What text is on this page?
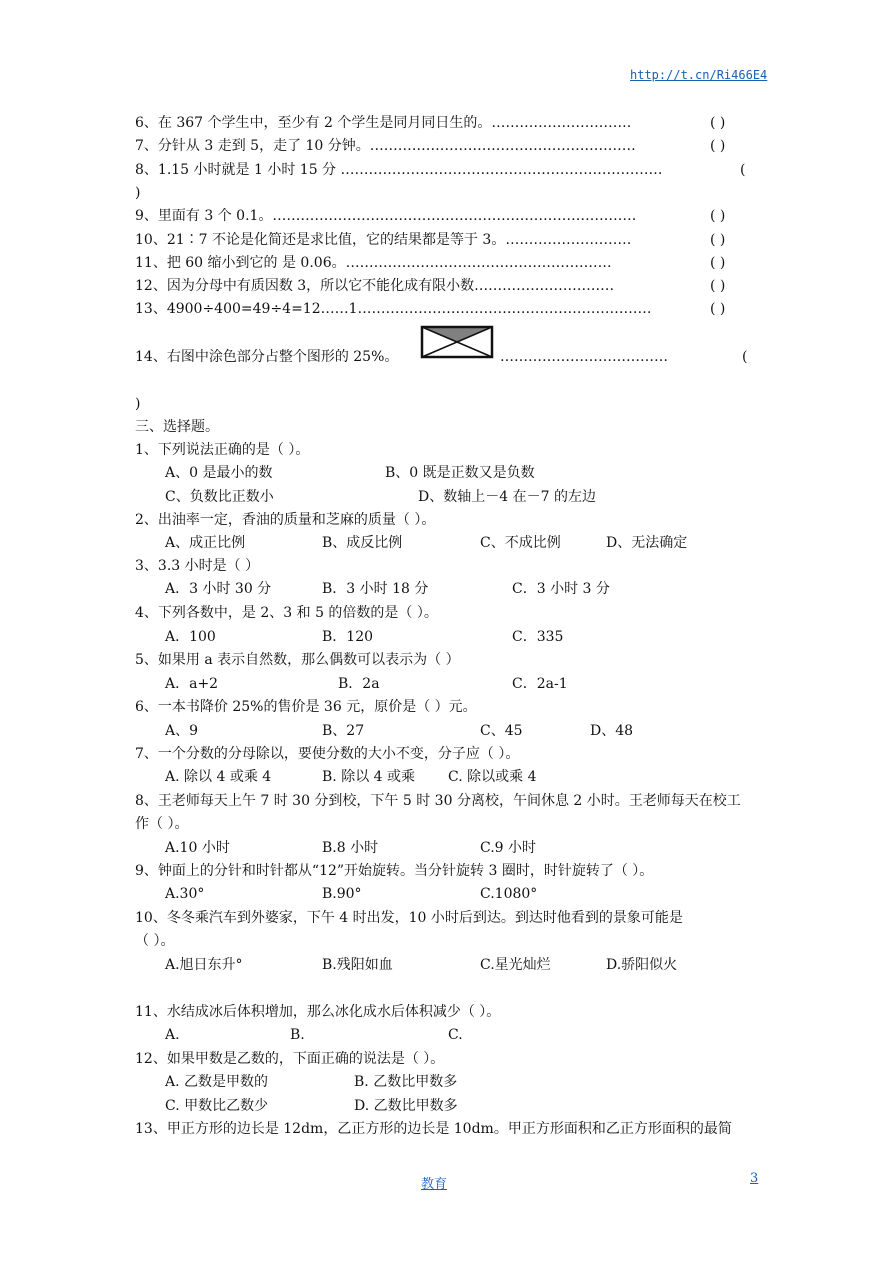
http://t.cn/Ri466E4
6、在 367 个学生中，至少有 2 个学生是同月同日生的。…………………………	( )
7、分针从 3 走到 5，走了 10 分钟。…………………………………………………	( )
8、1.15 小时就是 1 小时 15 分 ……………………………………………………………	(
)
9、里面有 3 个 0.1。……………………………………………………………………	( )
10、21∶7 不论是化简还是求比值，它的结果都是等于 3。………………………	( )
11、把 60 缩小到它的 是 0.06。…………………………………………………	( )
12、因为分母中有质因数 3，所以它不能化成有限小数…………………………	( )
13、4900÷400=49÷4=12……1………………………………………………………	( )
14、右图中涂色部分占整个图形的 25%。	………………………………	(
)
三、选择题。
1、下列说法正确的是（ ）。
A、0 是最小的数	B、0 既是正数又是负数
C、负数比正数小	D、数轴上－4 在－7 的左边
2、出油率一定，香油的质量和芝麻的质量（ ）。
A、成正比例	B、成反比例	C、不成比例	D、无法确定
3、3.3 小时是（ ）
A．3 小时 30 分	B．3 小时 18 分	C．3 小时 3 分
4、下列各数中，是 2、3 和 5 的倍数的是（ ）。
A．100	B．120	C．335
5、如果用 a 表示自然数，那么偶数可以表示为（ ）
A．a+2	B．2a	C．2a-1
6、一本书降价 25%的售价是 36 元，原价是（ ）元。
A、9	B、27	C、45	D、48
7、一个分数的分母除以，要使分数的大小不变，分子应（ ）。
A. 除以 4 或乘 4	B. 除以 4 或乘 C. 除以或乘 4
8、王老师每天上午 7 时 30 分到校，下午 5 时 30 分离校，午间休息 2 小时。王老师每天在校工
作（ ）。
A.10 小时	B.8 小时	C.9 小时
9、钟面上的分针和时针都从“12”开始旋转。当分针旋转 3 圈时，时针旋转了（ ）。
A.30°	B.90°	C.1080°
10、冬冬乘汽车到外婆家，下午 4 时出发，10 小时后到达。到达时他看到的景象可能是
（ ）。
A.旭日东升°	B.残阳如血	C.星光灿烂	D.骄阳似火
11、水结成冰后体积增加，那么冰化成水后体积减少（ ）。
A.	B.	C.
12、如果甲数是乙数的，下面正确的说法是（ ）。
A. 乙数是甲数的	B. 乙数比甲数多
C. 甲数比乙数少	D. 乙数比甲数多
13、甲正方形的边长是 12dm，乙正方形的边长是 10dm。甲正方形面积和乙正方形面积的最简
教育	3
